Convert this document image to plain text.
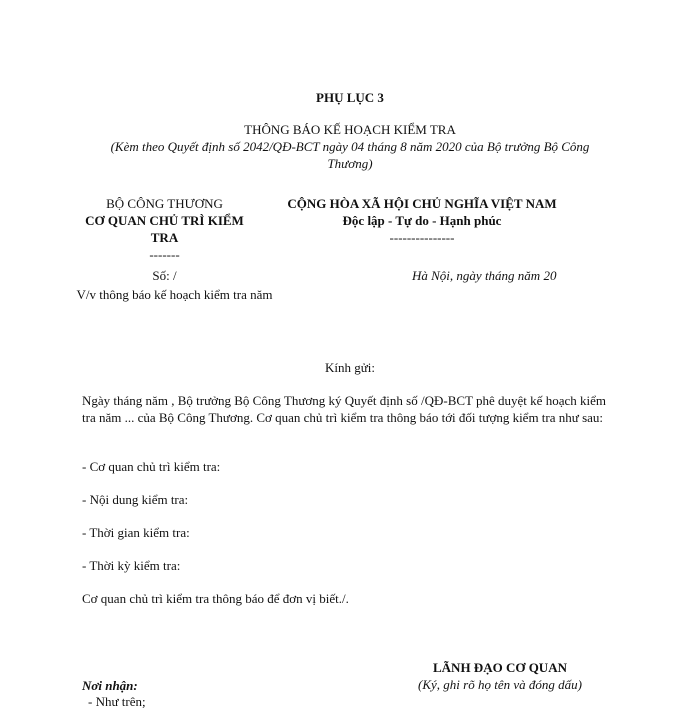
PHỤ LỤC 3
THÔNG BÁO KẾ HOẠCH KIỂM TRA
(Kèm theo Quyết định số 2042/QĐ-BCT ngày 04 tháng 8 năm 2020 của Bộ trưởng Bộ Công Thương)
BỘ CÔNG THƯƠNG
CƠ QUAN CHỦ TRÌ KIỂM
TRA
-------
CỘNG HÒA XÃ HỘI CHỦ NGHĨA VIỆT NAM
Độc lập - Tự do - Hạnh phúc
---------------
Số: /
V/v thông báo kế hoạch kiểm tra năm
Hà Nội, ngày tháng năm 20
Kính gửi:
Ngày tháng năm , Bộ trưởng Bộ Công Thương ký Quyết định số /QĐ-BCT phê duyệt kế hoạch kiểm tra năm ... của Bộ Công Thương. Cơ quan chủ trì kiểm tra thông báo tới đối tượng kiểm tra như sau:
- Cơ quan chủ trì kiểm tra:
- Nội dung kiểm tra:
- Thời gian kiểm tra:
- Thời kỳ kiểm tra:
Cơ quan chủ trì kiểm tra thông báo để đơn vị biết./.
LÃNH ĐẠO CƠ QUAN
(Ký, ghi rõ họ tên và đóng dấu)
Nơi nhận:
- Như trên;
